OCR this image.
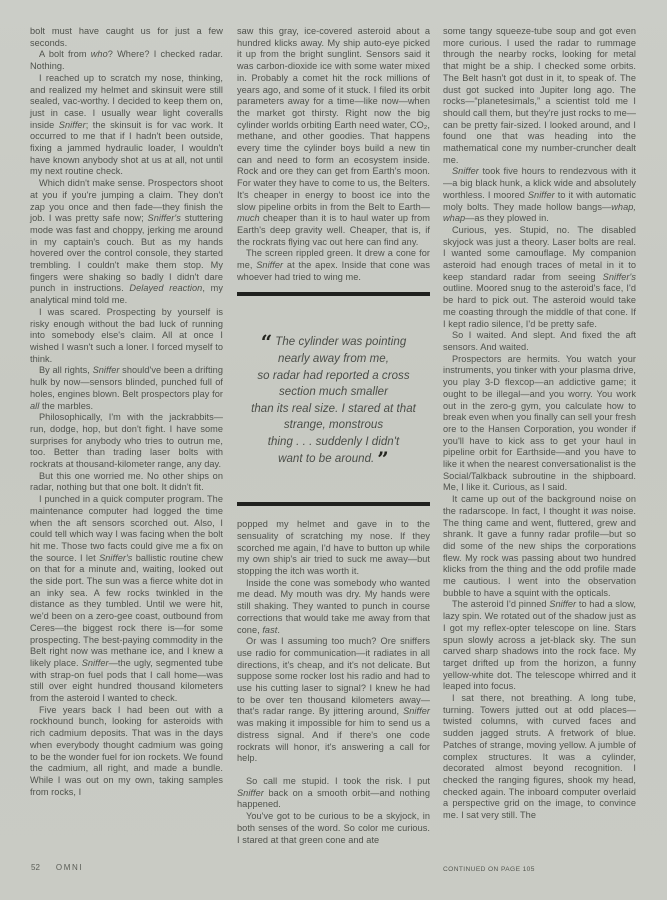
bolt must have caught us for just a few seconds.

A bolt from who? Where? I checked radar. Nothing.

I reached up to scratch my nose, thinking, and realized my helmet and skinsuit were still sealed, vac-worthy. I decided to keep them on, just in case. I usually wear light coveralls inside Sniffer; the skinsuit is for vac work. It occurred to me that if I hadn't been outside, fixing a jammed hydraulic loader, I wouldn't have known anybody shot at us at all, not until my next routine check.

Which didn't make sense. Prospectors shoot at you if you're jumping a claim. They don't zap you once and then fade—they finish the job. I was pretty safe now; Sniffer's stuttering mode was fast and choppy, jerking me around in my captain's couch. But as my hands hovered over the control console, they started trembling. I couldn't make them stop. My fingers were shaking so badly I didn't dare punch in instructions. Delayed reaction, my analytical mind told me.

I was scared. Prospecting by yourself is risky enough without the bad luck of running into somebody else's claim. All at once I wished I wasn't such a loner. I forced myself to think.

By all rights, Sniffer should've been a drifting hulk by now—sensors blinded, punched full of holes, engines blown. Belt prospectors play for all the marbles.

Philosophically, I'm with the jackrabbits—run, dodge, hop, but don't fight. I have some surprises for anybody who tries to outrun me, too. Better than trading laser bolts with rockrats at thousand-kilometer range, any day.

But this one worried me. No other ships on radar, nothing but that one bolt. It didn't fit.

I punched in a quick computer program. The maintenance computer had logged the time when the aft sensors scorched out. Also, I could tell which way I was facing when the bolt hit me. Those two facts could give me a fix on the source. I let Sniffer's ballistic routine chew on that for a minute and, waiting, looked out the side port. The sun was a fierce white dot in an inky sea. A few rocks twinkled in the distance as they tumbled. Until we were hit, we'd been on a zero-gee coast, outbound from Ceres—the biggest rock there is—for some prospecting. The best-paying commodity in the Belt right now was methane ice, and I knew a likely place. Sniffer—the ugly, segmented tube with strap-on fuel pods that I call home—was still over eight hundred thousand kilometers from the asteroid I wanted to check.

Five years back I had been out with a rockhound bunch, looking for asteroids with rich cadmium deposits. That was in the days when everybody thought cadmium was going to be the wonder fuel for ion rockets. We found the cadmium, all right, and made a bundle. While I was out on my own, taking samples from rocks, I

saw this gray, ice-covered asteroid about a hundred klicks away. My ship auto-eye picked it up from the bright sunglint. Sensors said it was carbon-dioxide ice with some water mixed in. Probably a comet hit the rock millions of years ago, and some of it stuck. I filed its orbit parameters away for a time—like now—when the market got thirsty. Right now the big cylinder worlds orbiting Earth need water, CO₂, methane, and other goodies. That happens every time the cylinder boys build a new tin can and need to form an ecosystem inside. Rock and ore they can get from Earth's moon. For water they have to come to us, the Belters. It's cheaper in energy to boost ice into the slow pipeline orbits in from the Belt to Earth—much cheaper than it is to haul water up from Earth's deep gravity well. Cheaper, that is, if the rockrats flying vac out here can find any.

The screen rippled green. It drew a cone for me, Sniffer at the apex. Inside that cone was whoever had tried to wing me.

“ The cylinder was pointing
nearly away from me,
so radar had reported a cross
section much smaller
than its real size. I stared at that
strange, monstrous
thing . . . suddenly I didn't
want to be around. ”

popped my helmet and gave in to the sensuality of scratching my nose. If they scorched me again, I'd have to button up while my own ship's air tried to suck me away—but stopping the itch was worth it.

Inside the cone was somebody who wanted me dead. My mouth was dry. My hands were still shaking. They wanted to punch in course corrections that would take me away from that cone, fast.

Or was I assuming too much? Ore sniffers use radio for communication—it radiates in all directions, it's cheap, and it's not delicate. But suppose some rocker lost his radio and had to use his cutting laser to signal? I knew he had to be over ten thousand kilometers away—that's radar range. By jittering around, Sniffer was making it impossible for him to send us a distress signal. And if there's one code rockrats will honor, it's answering a call for help.

So call me stupid. I took the risk. I put Sniffer back on a smooth orbit—and nothing happened.

You've got to be curious to be a skyjock, in both senses of the word. So color me curious. I stared at that green cone and ate

some tangy squeeze-tube soup and got even more curious. I used the radar to rummage through the nearby rocks, looking for metal that might be a ship. I checked some orbits. The Belt hasn't got dust in it, to speak of. The dust got sucked into Jupiter long ago. The rocks—“planetesimals,” a scientist told me I should call them, but they're just rocks to me—can be pretty fair-sized. I looked around, and I found one that was heading into the mathematical cone my number-cruncher dealt me.

Sniffer took five hours to rendezvous with it—a big black hunk, a klick wide and absolutely worthless. I moored Sniffer to it with automatic moly bolts. They made hollow bangs—whap, whap—as they plowed in.

Curious, yes. Stupid, no. The disabled skyjock was just a theory. Laser bolts are real. I wanted some camouflage. My companion asteroid had enough traces of metal in it to keep standard radar from seeing Sniffer's outline. Moored snug to the asteroid's face, I'd be hard to pick out. The asteroid would take me coasting through the middle of that cone. If I kept radio silence, I'd be pretty safe.

So I waited. And slept. And fixed the aft sensors. And waited.

Prospectors are hermits. You watch your instruments, you tinker with your plasma drive, you play 3-D flexcop—an addictive game; it ought to be illegal—and you worry. You work out in the zero-g gym, you calculate how to break even when you finally can sell your fresh ore to the Hansen Corporation, you wonder if you'll have to kick ass to get your haul in pipeline orbit for Earthside—and you have to like it when the nearest conversationalist is the Social/Talkback subroutine in the shipboard. Me, I like it. Curious, as I said.

It came up out of the background noise on the radarscope. In fact, I thought it was noise. The thing came and went, fluttered, grew and shrank. It gave a funny radar profile—but so did some of the new ships the corporations flew. My rock was passing about two hundred klicks from the thing and the odd profile made me cautious. I went into the observation bubble to have a squint with the opticals.

The asteroid I'd pinned Sniffer to had a slow, lazy spin. We rotated out of the shadow just as I got my reflex-opter telescope on line. Stars spun slowly across a jet-black sky. The sun carved sharp shadows into the rock face. My target drifted up from the horizon, a funny yellow-white dot. The telescope whirred and it leaped into focus.

I sat there, not breathing. A long tube, turning. Towers jutted out at odd places—twisted columns, with curved faces and sudden jagged struts. A fretwork of blue. Patches of strange, moving yellow. A jumble of complex structures. It was a cylinder, decorated almost beyond recognition. I checked the ranging figures, shook my head, checked again. The inboard computer overlaid a perspective grid on the image, to convince me. I sat very still. The

52 OMNI	CONTINUED ON PAGE 105
